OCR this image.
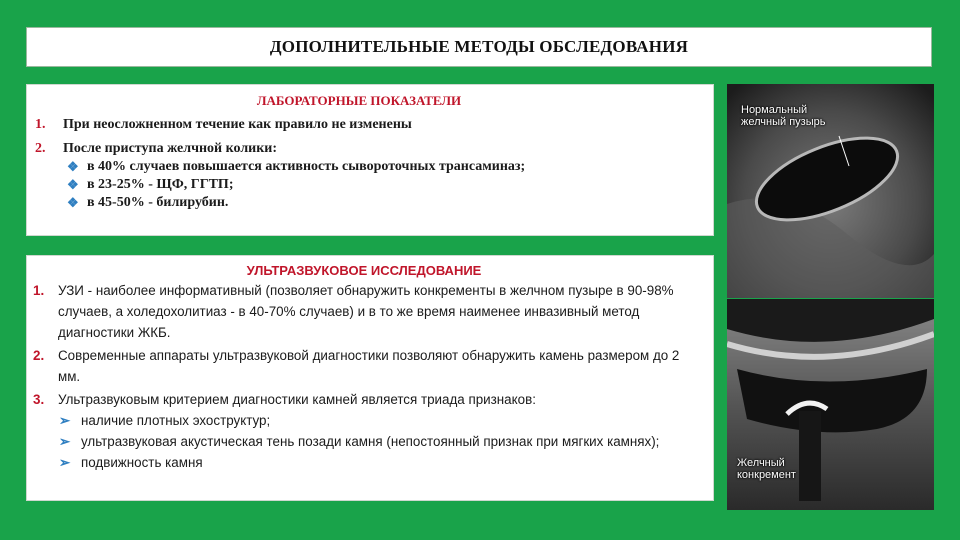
ДОПОЛНИТЕЛЬНЫЕ МЕТОДЫ ОБСЛЕДОВАНИЯ
ЛАБОРАТОРНЫЕ ПОКАЗАТЕЛИ
1.	При неосложненном течение как правило не изменены
2.	После приступа желчной колики:
❖ в 40% случаев повышается активность сывороточных трансаминаз;
❖ в 23-25% - ЩФ, ГГТП;
❖ в 45-50% - билирубин.
УЛЬТРАЗВУКОВОЕ ИССЛЕДОВАНИЕ
1.	УЗИ - наиболее информативный (позволяет обнаружить конкременты в желчном пузыре в 90-98% случаев, а холедохолитиаз - в 40-70% случаев) и в то же время наименее инвазивный метод диагностики ЖКБ.
2.	Современные аппараты ультразвуковой диагностики позволяют обнаружить камень размером до 2 мм.
3.	Ультразвуковым критерием диагностики камней является триада признаков:
➢ наличие плотных эхоструктур;
➢ ультразвуковая акустическая тень позади камня (непостоянный признак при мягких камнях);
➢ подвижность камня
Нормальный
желчный пузырь
Желчный
конкремент
